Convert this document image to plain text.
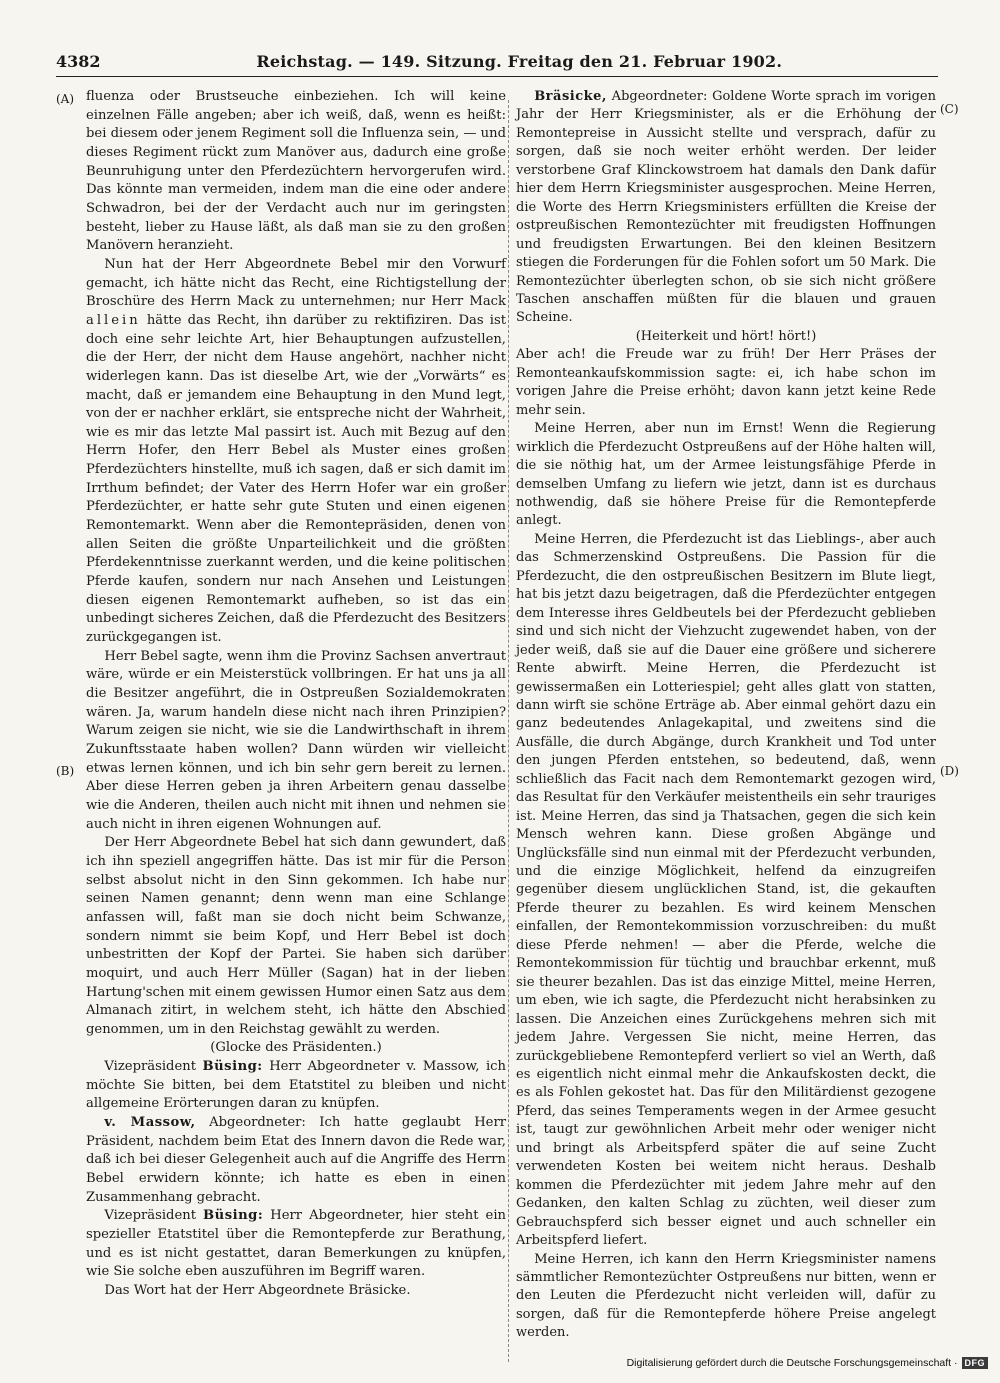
4382	Reichstag. — 149. Sitzung. Freitag den 21. Februar 1902.
(A)
(B)
(C)
(D)

fluenza oder Brustseuche einbeziehen. Ich will keine einzelnen Fälle angeben; aber ich weiß, daß, wenn es heißt: bei diesem oder jenem Regiment soll die Influenza sein, — und dieses Regiment rückt zum Manöver aus, dadurch eine große Beunruhigung unter den Pferdezüchtern hervorgerufen wird. Das könnte man vermeiden, indem man die eine oder andere Schwadron, bei der der Verdacht auch nur im geringsten besteht, lieber zu Hause läßt, als daß man sie zu den großen Manövern heranzieht.

Nun hat der Herr Abgeordnete Bebel mir den Vorwurf gemacht, ich hätte nicht das Recht, eine Richtigstellung der Broschüre des Herrn Mack zu unternehmen; nur Herr Mack allein hätte das Recht, ihn darüber zu rektifiziren. Das ist doch eine sehr leichte Art, hier Behauptungen aufzustellen, die der Herr, der nicht dem Hause angehört, nachher nicht widerlegen kann. Das ist dieselbe Art, wie der „Vorwärts“ es macht, daß er jemandem eine Behauptung in den Mund legt, von der er nachher erklärt, sie entspreche nicht der Wahrheit, wie es mir das letzte Mal passirt ist. Auch mit Bezug auf den Herrn Hofer, den Herr Bebel als Muster eines großen Pferdezüchters hinstellte, muß ich sagen, daß er sich damit im Irrthum befindet; der Vater des Herrn Hofer war ein großer Pferdezüchter, er hatte sehr gute Stuten und einen eigenen Remontemarkt. Wenn aber die Remontepräsiden, denen von allen Seiten die größte Unparteilichkeit und die größten Pferdekenntnisse zuerkannt werden, und die keine politischen Pferde kaufen, sondern nur nach Ansehen und Leistungen diesen eigenen Remontemarkt aufheben, so ist das ein unbedingt sicheres Zeichen, daß die Pferdezucht des Besitzers zurückgegangen ist.

Herr Bebel sagte, wenn ihm die Provinz Sachsen anvertraut wäre, würde er ein Meisterstück vollbringen. Er hat uns ja all die Besitzer angeführt, die in Ostpreußen Sozialdemokraten wären. Ja, warum handeln diese nicht nach ihren Prinzipien? Warum zeigen sie nicht, wie sie die Landwirthschaft in ihrem Zukunftsstaate haben wollen? Dann würden wir vielleicht etwas lernen können, und ich bin sehr gern bereit zu lernen. Aber diese Herren geben ja ihren Arbeitern genau dasselbe wie die Anderen, theilen auch nicht mit ihnen und nehmen sie auch nicht in ihren eigenen Wohnungen auf.

Der Herr Abgeordnete Bebel hat sich dann gewundert, daß ich ihn speziell angegriffen hätte. Das ist mir für die Person selbst absolut nicht in den Sinn gekommen. Ich habe nur seinen Namen genannt; denn wenn man eine Schlange anfassen will, faßt man sie doch nicht beim Schwanze, sondern nimmt sie beim Kopf, und Herr Bebel ist doch unbestritten der Kopf der Partei. Sie haben sich darüber moquirt, und auch Herr Müller (Sagan) hat in der lieben Hartung'schen mit einem gewissen Humor einen Satz aus dem Almanach zitirt, in welchem steht, ich hätte den Abschied genommen, um in den Reichstag gewählt zu werden.

(Glocke des Präsidenten.)

Vizepräsident Büsing: Herr Abgeordneter v. Massow, ich möchte Sie bitten, bei dem Etatstitel zu bleiben und nicht allgemeine Erörterungen daran zu knüpfen.

v. Massow, Abgeordneter: Ich hatte geglaubt Herr Präsident, nachdem beim Etat des Innern davon die Rede war, daß ich bei dieser Gelegenheit auch auf die Angriffe des Herrn Bebel erwidern könnte; ich hatte es eben in einen Zusammenhang gebracht.

Vizepräsident Büsing: Herr Abgeordneter, hier steht ein spezieller Etatstitel über die Remontepferde zur Berathung, und es ist nicht gestattet, daran Bemerkungen zu knüpfen, wie Sie solche eben auszuführen im Begriff waren.

Das Wort hat der Herr Abgeordnete Bräsicke.

Bräsicke, Abgeordneter: Goldene Worte sprach im vorigen Jahr der Herr Kriegsminister, als er die Erhöhung der Remontepreise in Aussicht stellte und versprach, dafür zu sorgen, daß sie noch weiter erhöht werden. Der leider verstorbene Graf Klinckowstroem hat damals den Dank dafür hier dem Herrn Kriegsminister ausgesprochen. Meine Herren, die Worte des Herrn Kriegsministers erfüllten die Kreise der ostpreußischen Remontezüchter mit freudigsten Hoffnungen und freudigsten Erwartungen. Bei den kleinen Besitzern stiegen die Forderungen für die Fohlen sofort um 50 Mark. Die Remontezüchter überlegten schon, ob sie sich nicht größere Taschen anschaffen müßten für die blauen und grauen Scheine.

(Heiterkeit und hört! hört!)

Aber ach! die Freude war zu früh! Der Herr Präses der Remonteankaufskommission sagte: ei, ich habe schon im vorigen Jahre die Preise erhöht; davon kann jetzt keine Rede mehr sein.

Meine Herren, aber nun im Ernst! Wenn die Regierung wirklich die Pferdezucht Ostpreußens auf der Höhe halten will, die sie nöthig hat, um der Armee leistungsfähige Pferde in demselben Umfang zu liefern wie jetzt, dann ist es durchaus nothwendig, daß sie höhere Preise für die Remontepferde anlegt.

Meine Herren, die Pferdezucht ist das Lieblings-, aber auch das Schmerzenskind Ostpreußens. Die Passion für die Pferdezucht, die den ostpreußischen Besitzern im Blute liegt, hat bis jetzt dazu beigetragen, daß die Pferdezüchter entgegen dem Interesse ihres Geldbeutels bei der Pferdezucht geblieben sind und sich nicht der Viehzucht zugewendet haben, von der jeder weiß, daß sie auf die Dauer eine größere und sicherere Rente abwirft. Meine Herren, die Pferdezucht ist gewissermaßen ein Lotteriespiel; geht alles glatt von statten, dann wirft sie schöne Erträge ab. Aber einmal gehört dazu ein ganz bedeutendes Anlagekapital, und zweitens sind die Ausfälle, die durch Abgänge, durch Krankheit und Tod unter den jungen Pferden entstehen, so bedeutend, daß, wenn schließlich das Facit nach dem Remontemarkt gezogen wird, das Resultat für den Verkäufer meistentheils ein sehr trauriges ist. Meine Herren, das sind ja Thatsachen, gegen die sich kein Mensch wehren kann. Diese großen Abgänge und Unglücksfälle sind nun einmal mit der Pferdezucht verbunden, und die einzige Möglichkeit, helfend da einzugreifen gegenüber diesem unglücklichen Stand, ist, die gekauften Pferde theurer zu bezahlen. Es wird keinem Menschen einfallen, der Remontekommission vorzuschreiben: du mußt diese Pferde nehmen! — aber die Pferde, welche die Remontekommission für tüchtig und brauchbar erkennt, muß sie theurer bezahlen. Das ist das einzige Mittel, meine Herren, um eben, wie ich sagte, die Pferdezucht nicht herabsinken zu lassen. Die Anzeichen eines Zurückgehens mehren sich mit jedem Jahre. Vergessen Sie nicht, meine Herren, das zurückgebliebene Remontepferd verliert so viel an Werth, daß es eigentlich nicht einmal mehr die Ankaufskosten deckt, die es als Fohlen gekostet hat. Das für den Militärdienst gezogene Pferd, das seines Temperaments wegen in der Armee gesucht ist, taugt zur gewöhnlichen Arbeit mehr oder weniger nicht und bringt als Arbeitspferd später die auf seine Zucht verwendeten Kosten bei weitem nicht heraus. Deshalb kommen die Pferdezüchter mit jedem Jahre mehr auf den Gedanken, den kalten Schlag zu züchten, weil dieser zum Gebrauchspferd sich besser eignet und auch schneller ein Arbeitspferd liefert.

Meine Herren, ich kann den Herrn Kriegsminister namens sämmtlicher Remontezüchter Ostpreußens nur bitten, wenn er den Leuten die Pferdezucht nicht verleiden will, dafür zu sorgen, daß für die Remontepferde höhere Preise angelegt werden.

Digitalisierung gefördert durch die Deutsche Forschungsgemeinschaft · DFG
